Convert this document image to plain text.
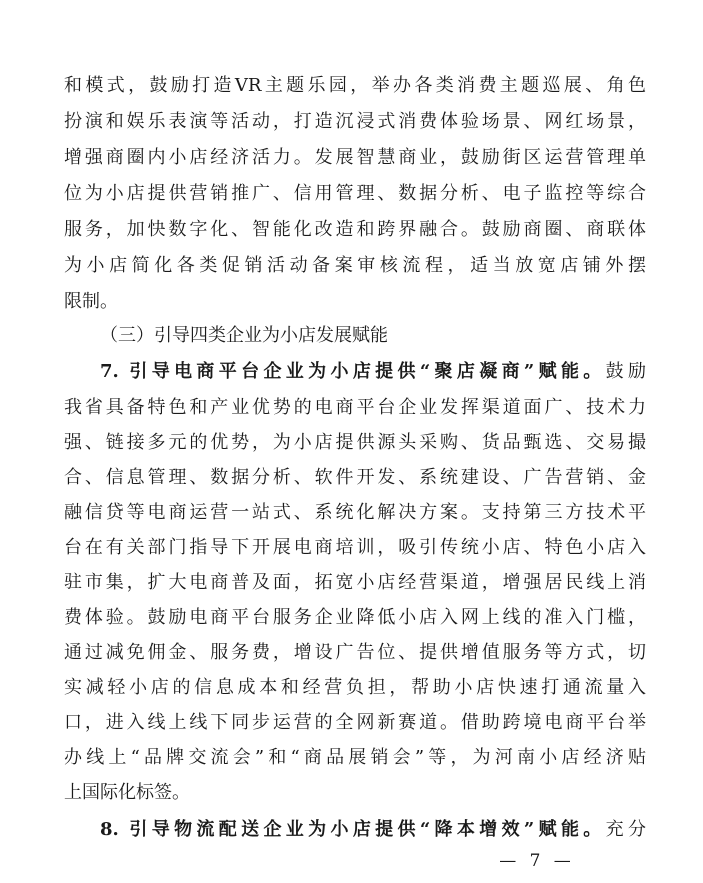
和模式，鼓励打造VR主题乐园，举办各类消费主题巡展、角色
扮演和娱乐表演等活动，打造沉浸式消费体验场景、网红场景，
增强商圈内小店经济活力。发展智慧商业，鼓励街区运营管理单
位为小店提供营销推广、信用管理、数据分析、电子监控等综合
服务，加快数字化、智能化改造和跨界融合。鼓励商圈、商联体
为小店简化各类促销活动备案审核流程，适当放宽店铺外摆
限制。
（三）引导四类企业为小店发展赋能
7. 引导电商平台企业为小店提供“聚店凝商”赋能。鼓励
我省具备特色和产业优势的电商平台企业发挥渠道面广、技术力
强、链接多元的优势，为小店提供源头采购、货品甄选、交易撮
合、信息管理、数据分析、软件开发、系统建设、广告营销、金
融信贷等电商运营一站式、系统化解决方案。支持第三方技术平
台在有关部门指导下开展电商培训，吸引传统小店、特色小店入
驻市集，扩大电商普及面，拓宽小店经营渠道，增强居民线上消
费体验。鼓励电商平台服务企业降低小店入网上线的准入门槛，
通过减免佣金、服务费，增设广告位、提供增值服务等方式，切
实减轻小店的信息成本和经营负担，帮助小店快速打通流量入
口，进入线上线下同步运营的全网新赛道。借助跨境电商平台举
办线上“品牌交流会”和“商品展销会”等，为河南小店经济贴
上国际化标签。
— 7 —
8. 引导物流配送企业为小店提供“降本增效”赋能。充分
